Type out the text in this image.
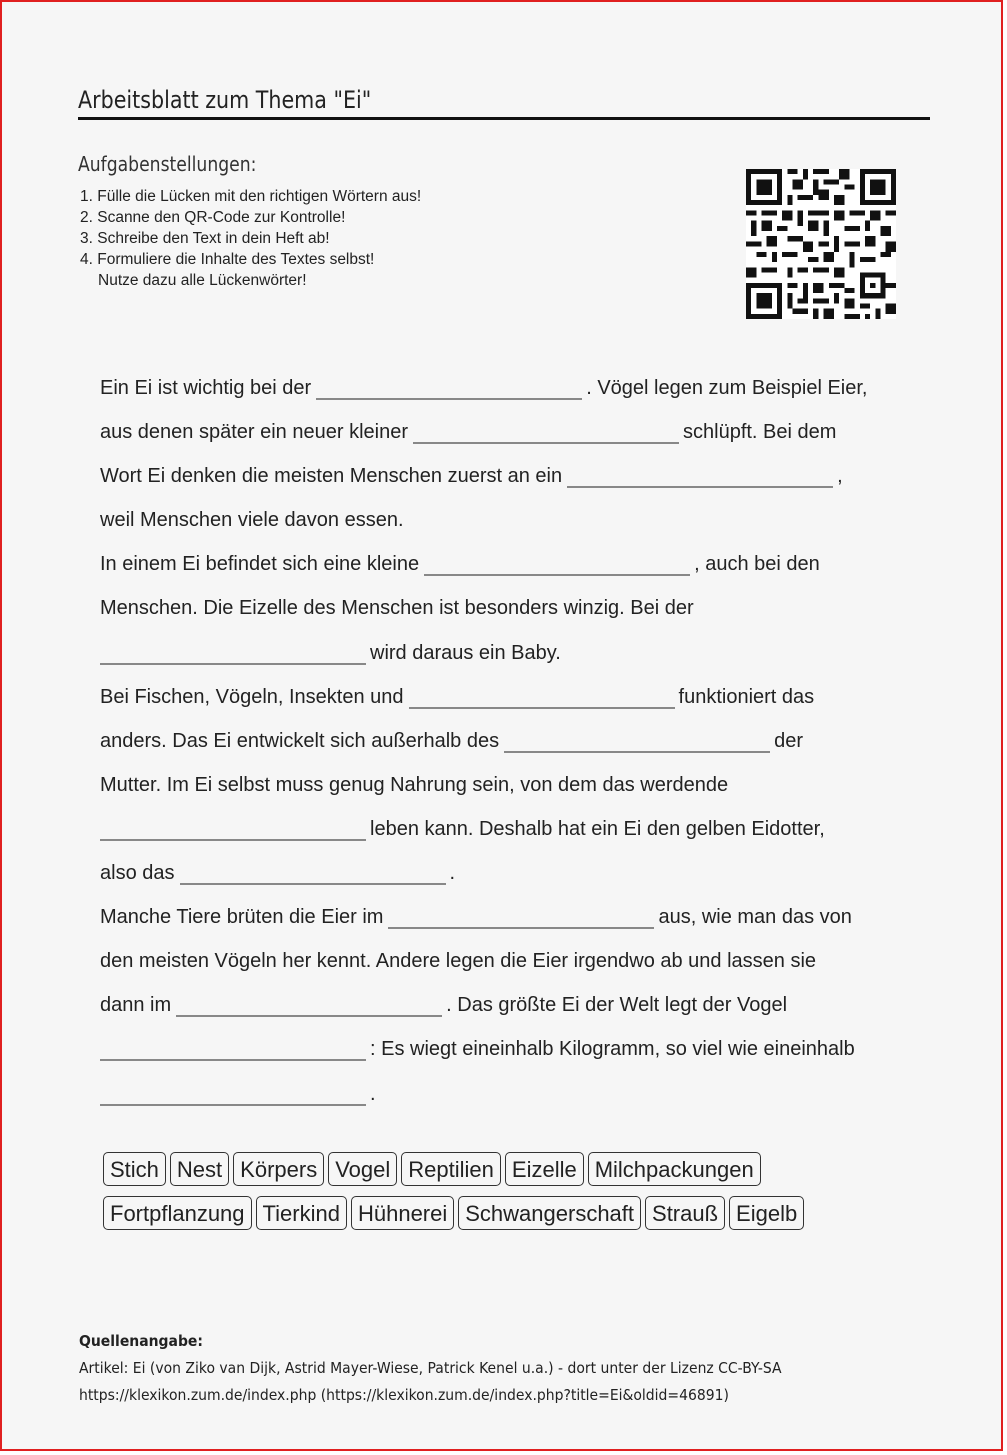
Arbeitsblatt zum Thema "Ei"
Aufgabenstellungen:
1. Fülle die Lücken mit den richtigen Wörtern aus!
2. Scanne den QR-Code zur Kontrolle!
3. Schreibe den Text in dein Heft ab!
4. Formuliere die Inhalte des Textes selbst!
Nutze dazu alle Lückenwörter!
Ein Ei ist wichtig bei der	. Vögel legen zum Beispiel Eier,
aus denen später ein neuer kleiner	schlüpft. Bei dem
Wort Ei denken die meisten Menschen zuerst an ein	,
weil Menschen viele davon essen.
In einem Ei befindet sich eine kleine	, auch bei den
Menschen. Die Eizelle des Menschen ist besonders winzig. Bei der
wird daraus ein Baby.
Bei Fischen, Vögeln, Insekten und	funktioniert das
anders. Das Ei entwickelt sich außerhalb des	der
Mutter. Im Ei selbst muss genug Nahrung sein, von dem das werdende
leben kann. Deshalb hat ein Ei den gelben Eidotter,
also das	.
Manche Tiere brüten die Eier im	aus, wie man das von
den meisten Vögeln her kennt. Andere legen die Eier irgendwo ab und lassen sie
dann im	. Das größte Ei der Welt legt der Vogel
: Es wiegt eineinhalb Kilogramm, so viel wie eineinhalb
.
Stich Nest Körpers Vogel Reptilien Eizelle Milchpackungen
Fortpflanzung Tierkind Hühnerei Schwangerschaft Strauß Eigelb
Quellenangabe:
Artikel: Ei (von Ziko van Dijk, Astrid Mayer-Wiese, Patrick Kenel u.a.) - dort unter der Lizenz CC-BY-SA
https://klexikon.zum.de/index.php (https://klexikon.zum.de/index.php?title=Ei&oldid=46891)
